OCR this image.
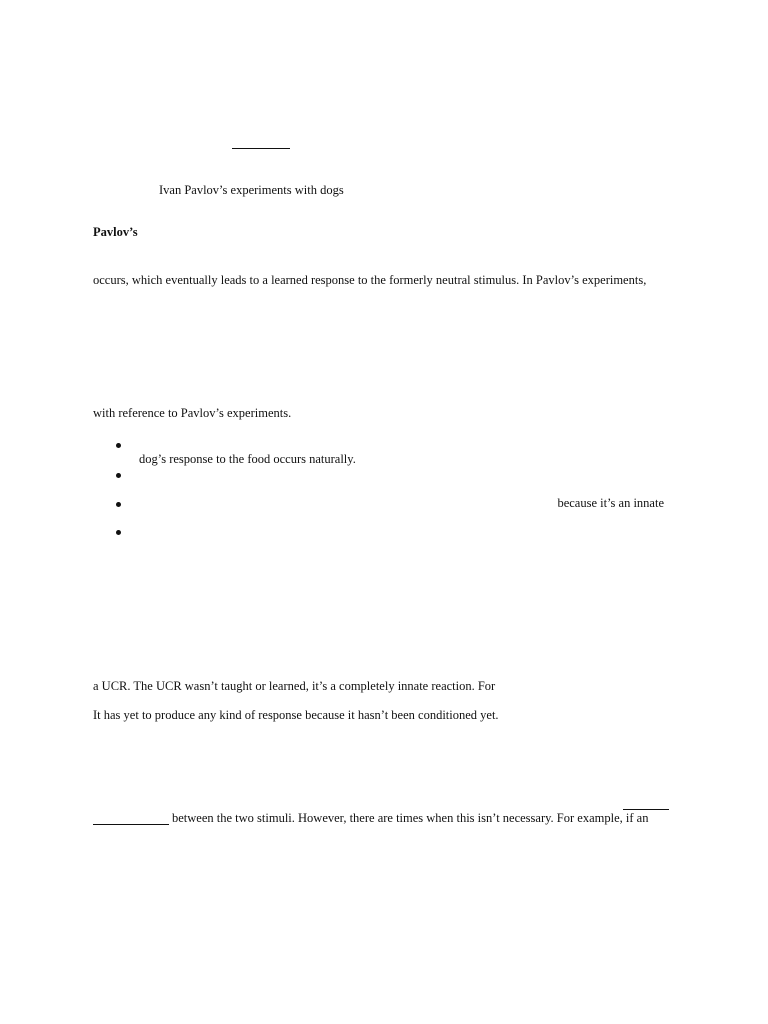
Ivan Pavlov’s experiments with dogs
Pavlov’s
occurs, which eventually leads to a learned response to the formerly neutral stimulus. In Pavlov’s experiments,
with reference to Pavlov’s experiments.
dog’s response to the food occurs naturally.
because it’s an innate
a UCR. The UCR wasn’t taught or learned, it’s a completely innate reaction. For
It has yet to produce any kind of response because it hasn’t been conditioned yet.
between the two stimuli. However, there are times when this isn’t necessary. For example, if an
